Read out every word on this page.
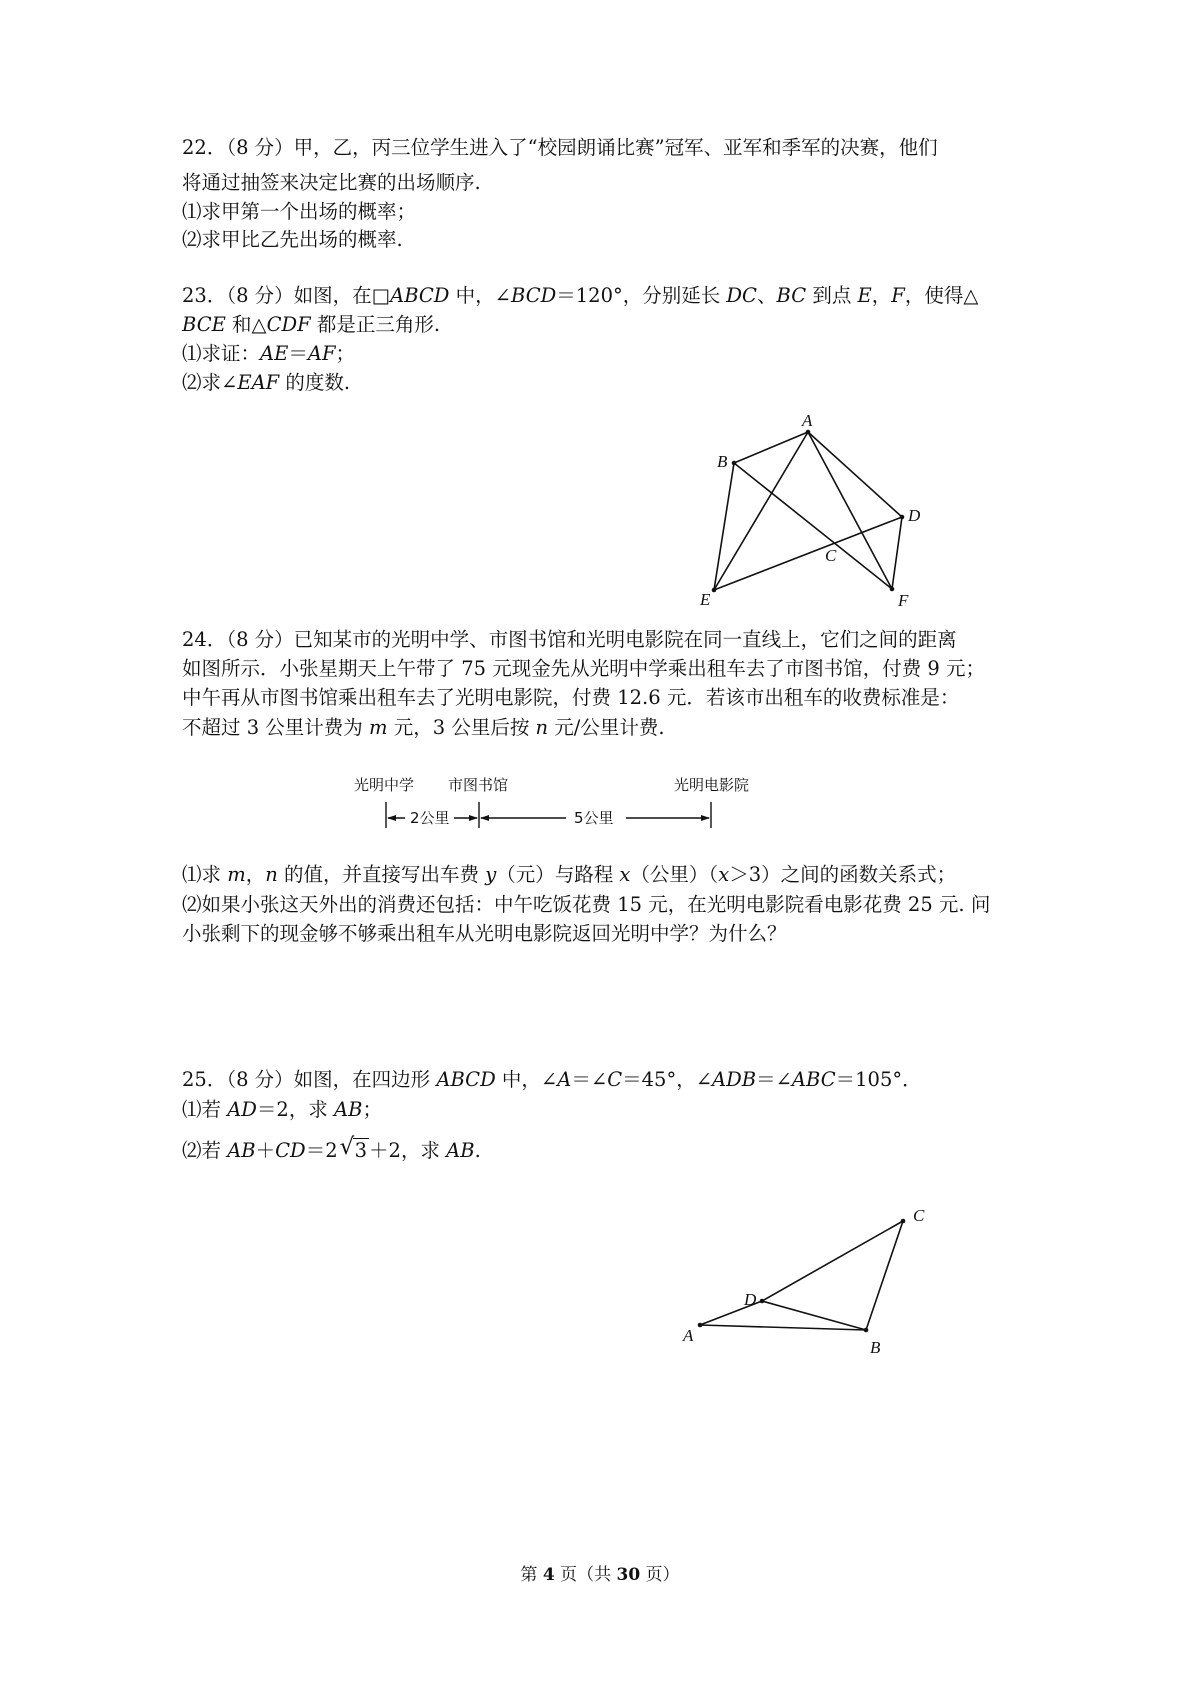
22．（8 分）甲，乙，丙三位学生进入了“校园朗诵比赛”冠军、亚军和季军的决赛，他们
将通过抽签来决定比赛的出场顺序.
⑴求甲第一个出场的概率；
⑵求甲比乙先出场的概率.
23．（8 分）如图，在□ABCD 中，∠BCD＝120°，分别延长 DC、BC 到点 E，F，使得△
BCE 和△CDF 都是正三角形.
⑴求证：AE＝AF；
⑵求∠EAF 的度数.
A
B
C
D
E	F
24．（8 分）已知某市的光明中学、市图书馆和光明电影院在同一直线上，它们之间的距离
如图所示．小张星期天上午带了 75 元现金先从光明中学乘出租车去了市图书馆，付费 9 元；
中午再从市图书馆乘出租车去了光明电影院，付费 12.6 元．若该市出租车的收费标准是：
不超过 3 公里计费为 m 元，3 公里后按 n 元/公里计费.
光明中学 市图书馆	光明电影院
2公里	5公里
⑴求 m，n 的值，并直接写出车费 y（元）与路程 x（公里）（x＞3）之间的函数关系式；
⑵如果小张这天外出的消费还包括：中午吃饭花费 15 元，在光明电影院看电影花费 25 元. 问
小张剩下的现金够不够乘出租车从光明电影院返回光明中学？为什么？
25．（8 分）如图，在四边形 ABCD 中，∠A＝∠C＝45°，∠ADB＝∠ABC＝105°．
⑴若 AD＝2，求 AB；
⑵若 AB＋CD＝2 √ 3 ＋2，求 AB.
A
B
C
D
第 4 页（共 30 页）
